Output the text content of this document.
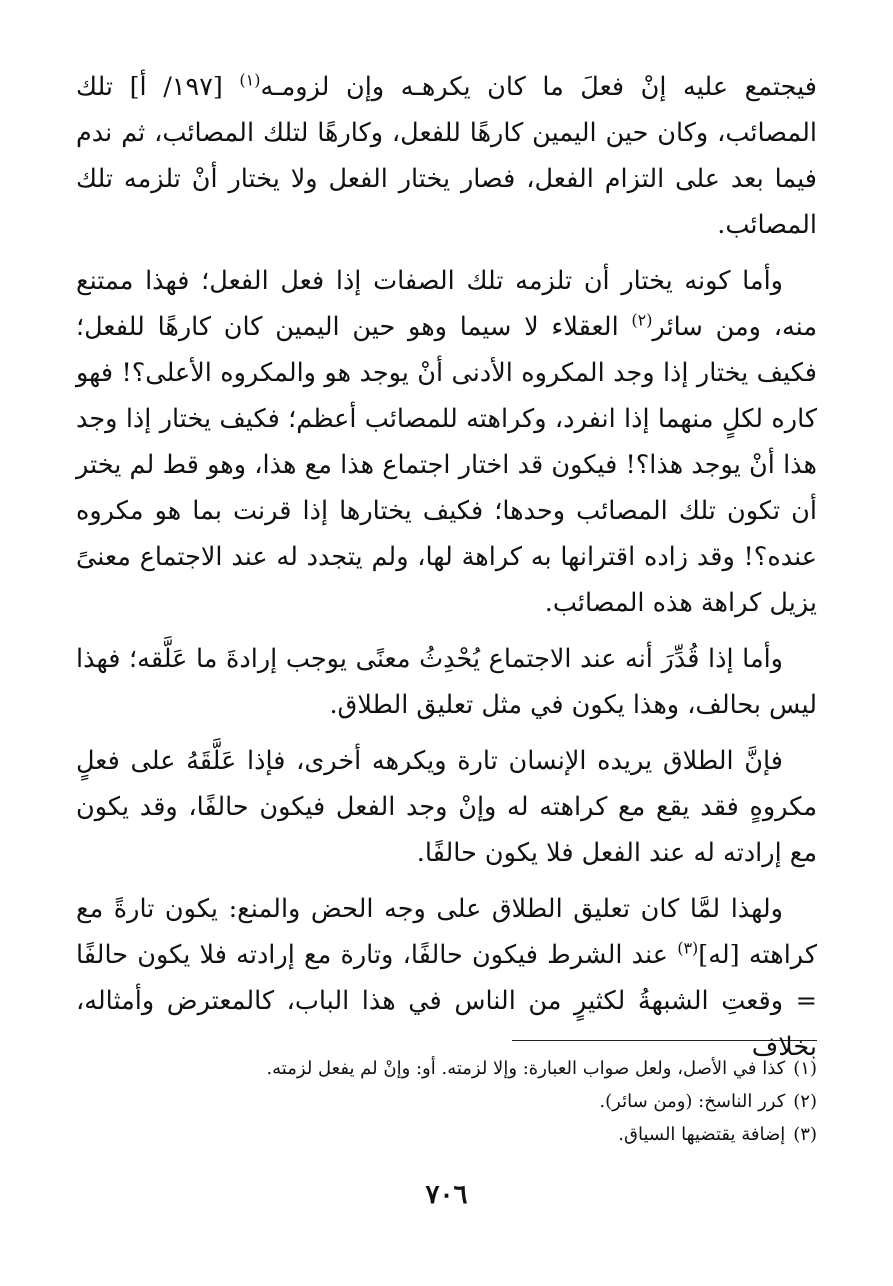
فيجتمع عليه إنْ فعلَ ما كان يكرهـه وإن لزومـه$^{(١)}$ [١٩٧/ أ] تلك المصائب، وكان حين اليمين كارهًا للفعل، وكارهًا لتلك المصائب، ثم ندم فيما بعد على التزام الفعل، فصار يختار الفعل ولا يختار أنْ تلزمه تلك المصائب.

وأما كونه يختار أن تلزمه تلك الصفات إذا فعل الفعل؛ فهذا ممتنع منه، ومن سائر$^{(٢)}$ العقلاء لا سيما وهو حين اليمين كان كارهًا للفعل؛ فكيف يختار إذا وجد المكروه الأدنى أنْ يوجد هو والمكروه الأعلى؟! فهو كاره لكلٍ منهما إذا انفرد، وكراهته للمصائب أعظم؛ فكيف يختار إذا وجد هذا أنْ يوجد هذا؟! فيكون قد اختار اجتماع هذا مع هذا، وهو قط لم يختر أن تكون تلك المصائب وحدها؛ فكيف يختارها إذا قرنت بما هو مكروه عنده؟! وقد زاده اقترانها به كراهة لها، ولم يتجدد له عند الاجتماع معنىً يزيل كراهة هذه المصائب.

وأما إذا قُدِّرَ أنه عند الاجتماع يُحْدِثُ معنًى يوجب إرادةَ ما عَلَّقه؛ فهذا ليس بحالف، وهذا يكون في مثل تعليق الطلاق.

فإنَّ الطلاق يريده الإنسان تارة ويكرهه أخرى، فإذا عَلَّقَهُ على فعلٍ مكروهٍ فقد يقع مع كراهته له وإنْ وجد الفعل فيكون حالفًا، وقد يكون مع إرادته له عند الفعل فلا يكون حالفًا.

ولهذا لمَّا كان تعليق الطلاق على وجه الحض والمنع: يكون تارةً مع كراهته [له]$^{(٣)}$ عند الشرط فيكون حالفًا، وتارة مع إرادته فلا يكون حالفًا = وقعتِ الشبهةُ لكثيرٍ من الناس في هذا الباب، كالمعترض وأمثاله، بخلاف

(١)كذا في الأصل، ولعل صواب العبارة: وإلا لزمته. أو: وإنْ لم يفعل لزمته.

(٢)كرر الناسخ: (ومن سائر).

(٣)إضافة يقتضيها السياق.

٧٠٦
